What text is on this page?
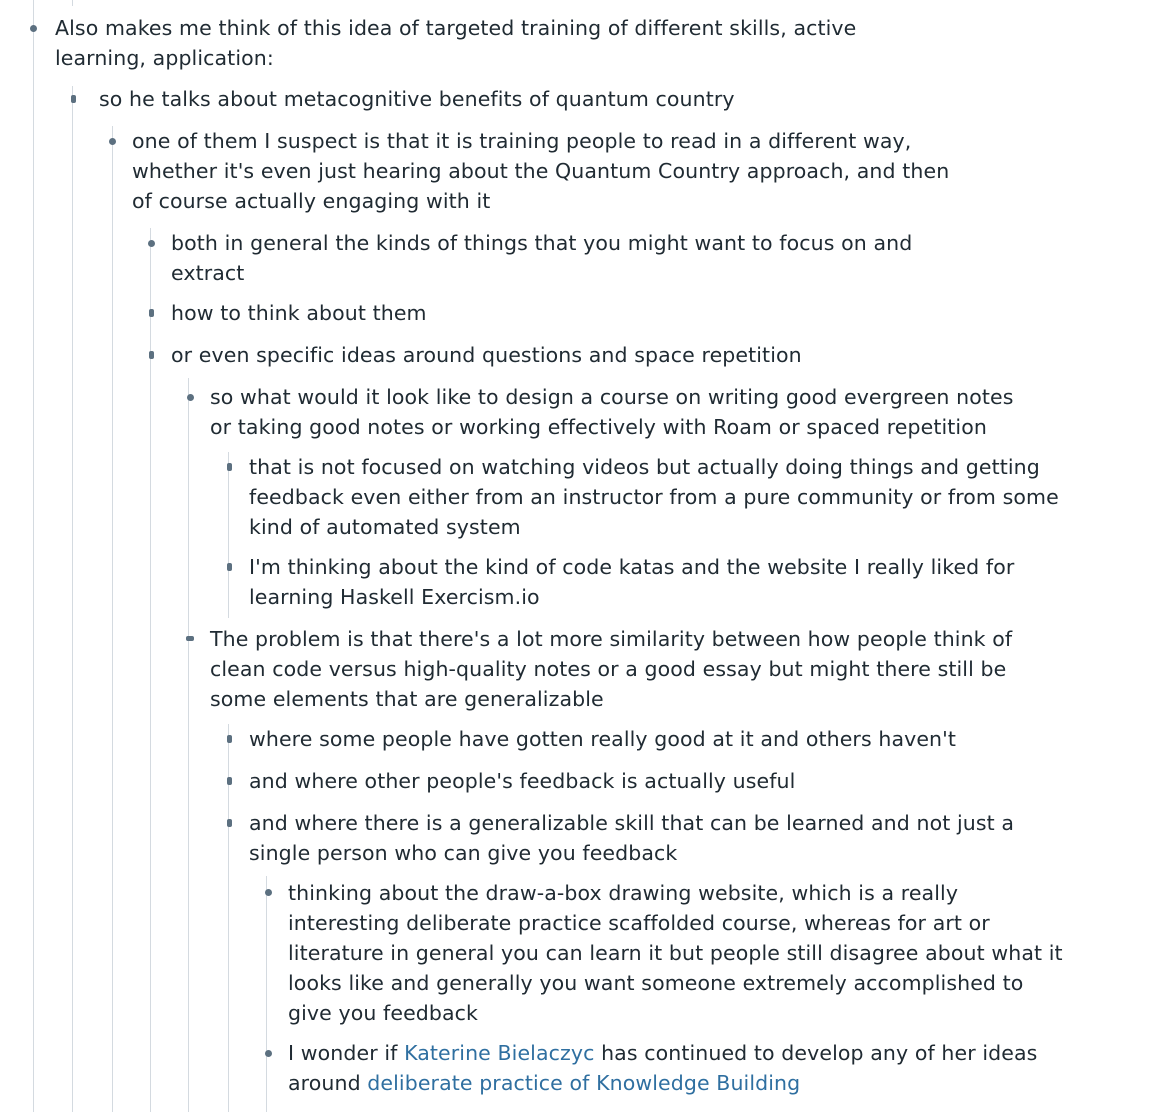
Also makes me think of this idea of targeted training of different skills, active
learning, application:
so he talks about metacognitive benefits of quantum country
one of them I suspect is that it is training people to read in a different way,
whether it's even just hearing about the Quantum Country approach, and then
of course actually engaging with it
both in general the kinds of things that you might want to focus on and
extract
how to think about them
or even specific ideas around questions and space repetition
so what would it look like to design a course on writing good evergreen notes
or taking good notes or working effectively with Roam or spaced repetition
that is not focused on watching videos but actually doing things and getting
feedback even either from an instructor from a pure community or from some
kind of automated system
I'm thinking about the kind of code katas and the website I really liked for
learning Haskell Exercism.io
The problem is that there's a lot more similarity between how people think of
clean code versus high-quality notes or a good essay but might there still be
some elements that are generalizable
where some people have gotten really good at it and others haven't
and where other people's feedback is actually useful
and where there is a generalizable skill that can be learned and not just a
single person who can give you feedback
thinking about the draw-a-box drawing website, which is a really
interesting deliberate practice scaffolded course, whereas for art or
literature in general you can learn it but people still disagree about what it
looks like and generally you want someone extremely accomplished to
give you feedback
I wonder if Katerine Bielaczyc has continued to develop any of her ideas
around deliberate practice of Knowledge Building
